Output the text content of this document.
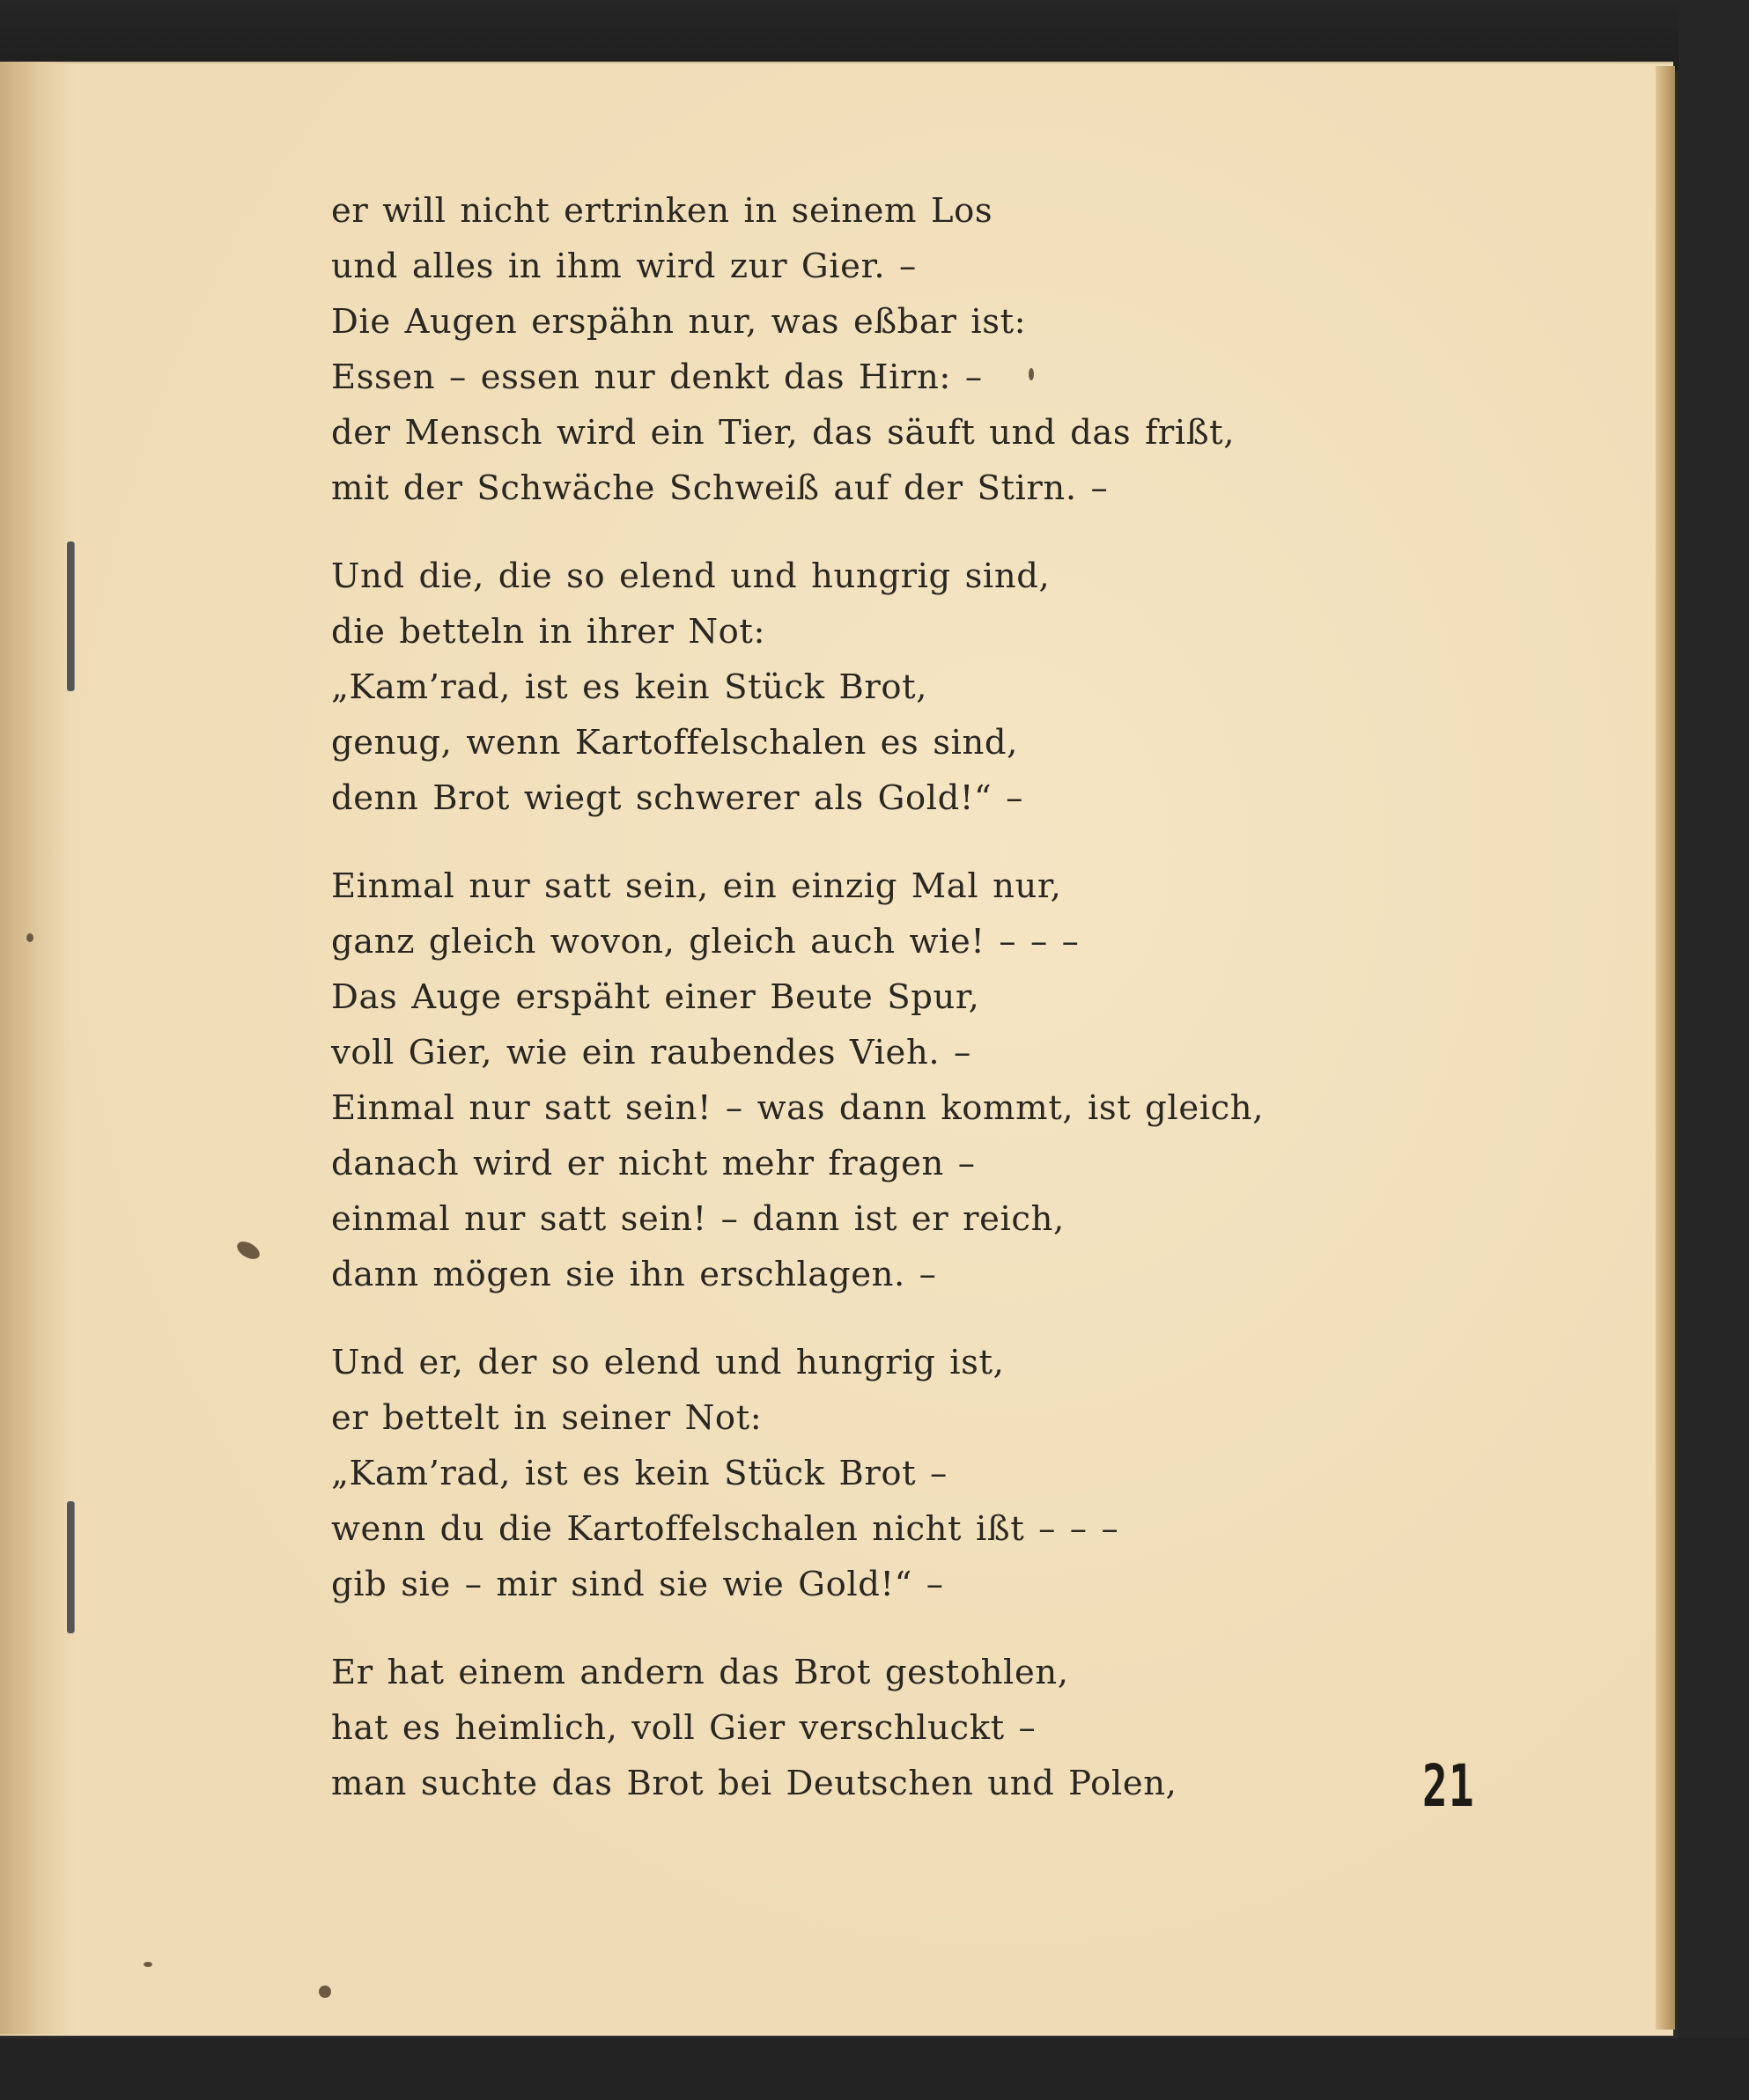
er will nicht ertrinken in seinem Los
und alles in ihm wird zur Gier. –
Die Augen erspähn nur, was eßbar ist:
Essen – essen nur denkt das Hirn: –
der Mensch wird ein Tier, das säuft und das frißt,
mit der Schwäche Schweiß auf der Stirn. –
Und die, die so elend und hungrig sind,
die betteln in ihrer Not:
„Kam’rad, ist es kein Stück Brot,
genug, wenn Kartoffelschalen es sind,
denn Brot wiegt schwerer als Gold!“ –
Einmal nur satt sein, ein einzig Mal nur,
ganz gleich wovon, gleich auch wie! – – –
Das Auge erspäht einer Beute Spur,
voll Gier, wie ein raubendes Vieh. –
Einmal nur satt sein! – was dann kommt, ist gleich,
danach wird er nicht mehr fragen –
einmal nur satt sein! – dann ist er reich,
dann mögen sie ihn erschlagen. –
Und er, der so elend und hungrig ist,
er bettelt in seiner Not:
„Kam’rad, ist es kein Stück Brot –
wenn du die Kartoffelschalen nicht ißt – – –
gib sie – mir sind sie wie Gold!“ –
Er hat einem andern das Brot gestohlen,
hat es heimlich, voll Gier verschluckt –
man suchte das Brot bei Deutschen und Polen,	21
